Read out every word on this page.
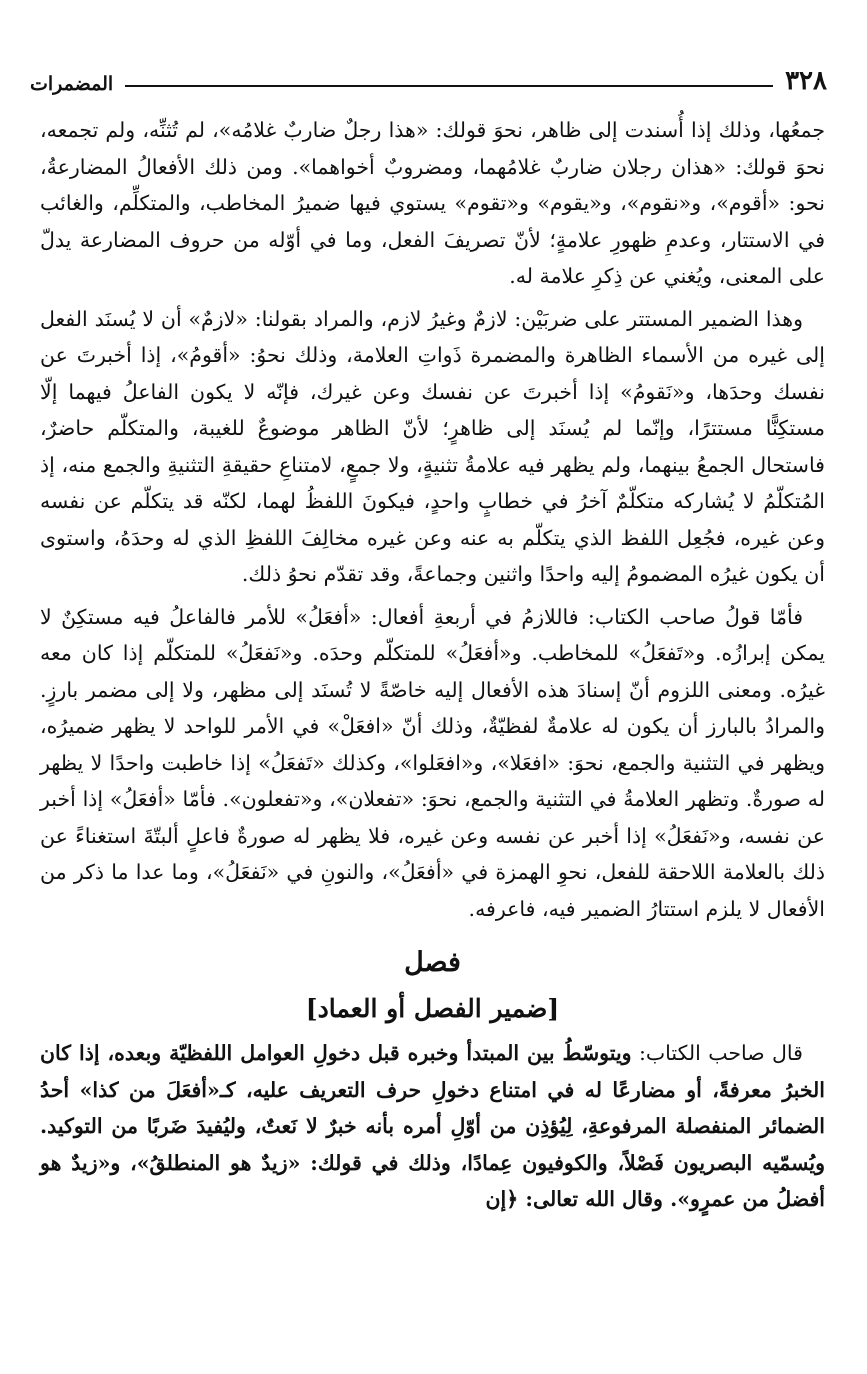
٣٢٨
المضمرات

جمعُها، وذلك إذا أُسندت إلى ظاهر، نحوَ قولك: «هذا رجلٌ ضاربٌ غلامُه»، لم تُثنِّه، ولم تجمعه، نحوَ قولك: «هذان رجلان ضاربٌ غلامُهما، ومضروبٌ أخواهما». ومن ذلك الأفعالُ المضارعةُ، نحو: «أقوم»، و«نقوم»، و«يقوم» و«تقوم» يستوي فيها ضميرُ المخاطب، والمتكلِّم، والغائب في الاستتار، وعدمِ ظهورِ علامةٍ؛ لأنّ تصريفَ الفعل، وما في أوّله من حروف المضارعة يدلّ على المعنى، ويُغني عن ذِكرِ علامة له.

وهذا الضمير المستتر على ضربَيْن: لازمٌ وغيرُ لازم، والمراد بقولنا: «لازمٌ» أن لا يُسنَد الفعل إلى غيره من الأسماء الظاهرة والمضمرة ذَواتِ العلامة، وذلك نحوُ: «أقومُ»، إذا أخبرتَ عن نفسك وحدَها، و«نَقومُ» إذا أخبرتَ عن نفسك وعن غيرك، فإنّه لا يكون الفاعلُ فيهما إلّا مستكِنًّا مستترًا، وإنّما لم يُسنَد إلى ظاهرٍ؛ لأنّ الظاهر موضوعٌ للغيبة، والمتكلّم حاضرٌ، فاستحال الجمعُ بينهما، ولم يظهر فيه علامةُ تثنيةٍ، ولا جمعٍ، لامتناعِ حقيقةِ التثنيةِ والجمع منه، إذ المُتكلّمُ لا يُشاركه متكلّمٌ آخرُ في خطابٍ واحدٍ، فيكونَ اللفظُ لهما، لكنّه قد يتكلّم عن نفسه وعن غيره، فجُعِل اللفظ الذي يتكلّم به عنه وعن غيره مخالِفَ اللفظِ الذي له وحدَهُ، واستوى أن يكون غيرُه المضمومُ إليه واحدًا واثنين وجماعةً، وقد تقدّم نحوُ ذلك.

فأمّا قولُ صاحب الكتاب: فاللازمُ في أربعةِ أفعال: «أفعَلُ» للأمر فالفاعلُ فيه مستكِنٌ لا يمكن إبرازُه. و«تَفعَلُ» للمخاطب. و«أفعَلُ» للمتكلّم وحدَه. و«نَفعَلُ» للمتكلّم إذا كان معه غيرُه. ومعنى اللزوم أنّ إسنادَ هذه الأفعال إليه خاصّةً لا تُسنَد إلى مظهر، ولا إلى مضمر بارزٍ. والمرادُ بالبارز أن يكون له علامةٌ لفظيّةٌ، وذلك أنّ «افعَلْ» في الأمر للواحد لا يظهر ضميرُه، ويظهر في التثنية والجمع، نحوَ: «افعَلا»، و«افعَلوا»، وكذلك «تَفعَلُ» إذا خاطبت واحدًا لا يظهر له صورةٌ. وتظهر العلامةُ في التثنية والجمع، نحوَ: «تفعلان»، و«تفعلون». فأمّا «أفعَلُ» إذا أخبر عن نفسه، و«نَفعَلُ» إذا أخبر عن نفسه وعن غيره، فلا يظهر له صورةٌ فاعلٍ ألبتّةَ استغناءً عن ذلك بالعلامة اللاحقة للفعل، نحوِ الهمزة في «أفعَلُ»، والنونِ في «نَفعَلُ»، وما عدا ما ذكر من الأفعال لا يلزم استتارُ الضمير فيه، فاعرفه.

فصل

[ضمير الفصل أو العماد]

قال صاحب الكتاب: ويتوسّطُ بين المبتدأ وخبره قبل دخولِ العوامل اللفظيّة وبعده، إذا كان الخبرُ معرفةً، أو مضارعًا له في امتناع دخولِ حرف التعريف عليه، كـ«أفعَلَ من كذا» أحدُ الضمائر المنفصلة المرفوعةِ، لِيُؤذِن من أوّلِ أمره بأنه خبرٌ لا نَعتٌ، وليُفيدَ ضَربًا من التوكيد. ويُسمّيه البصريون فَصْلاً، والكوفيون عِمادًا، وذلك في قولك: «زيدٌ هو المنطلقُ»، و«زيدٌ هو أفضلُ من عمرٍو». وقال الله تعالى: ﴿إن
